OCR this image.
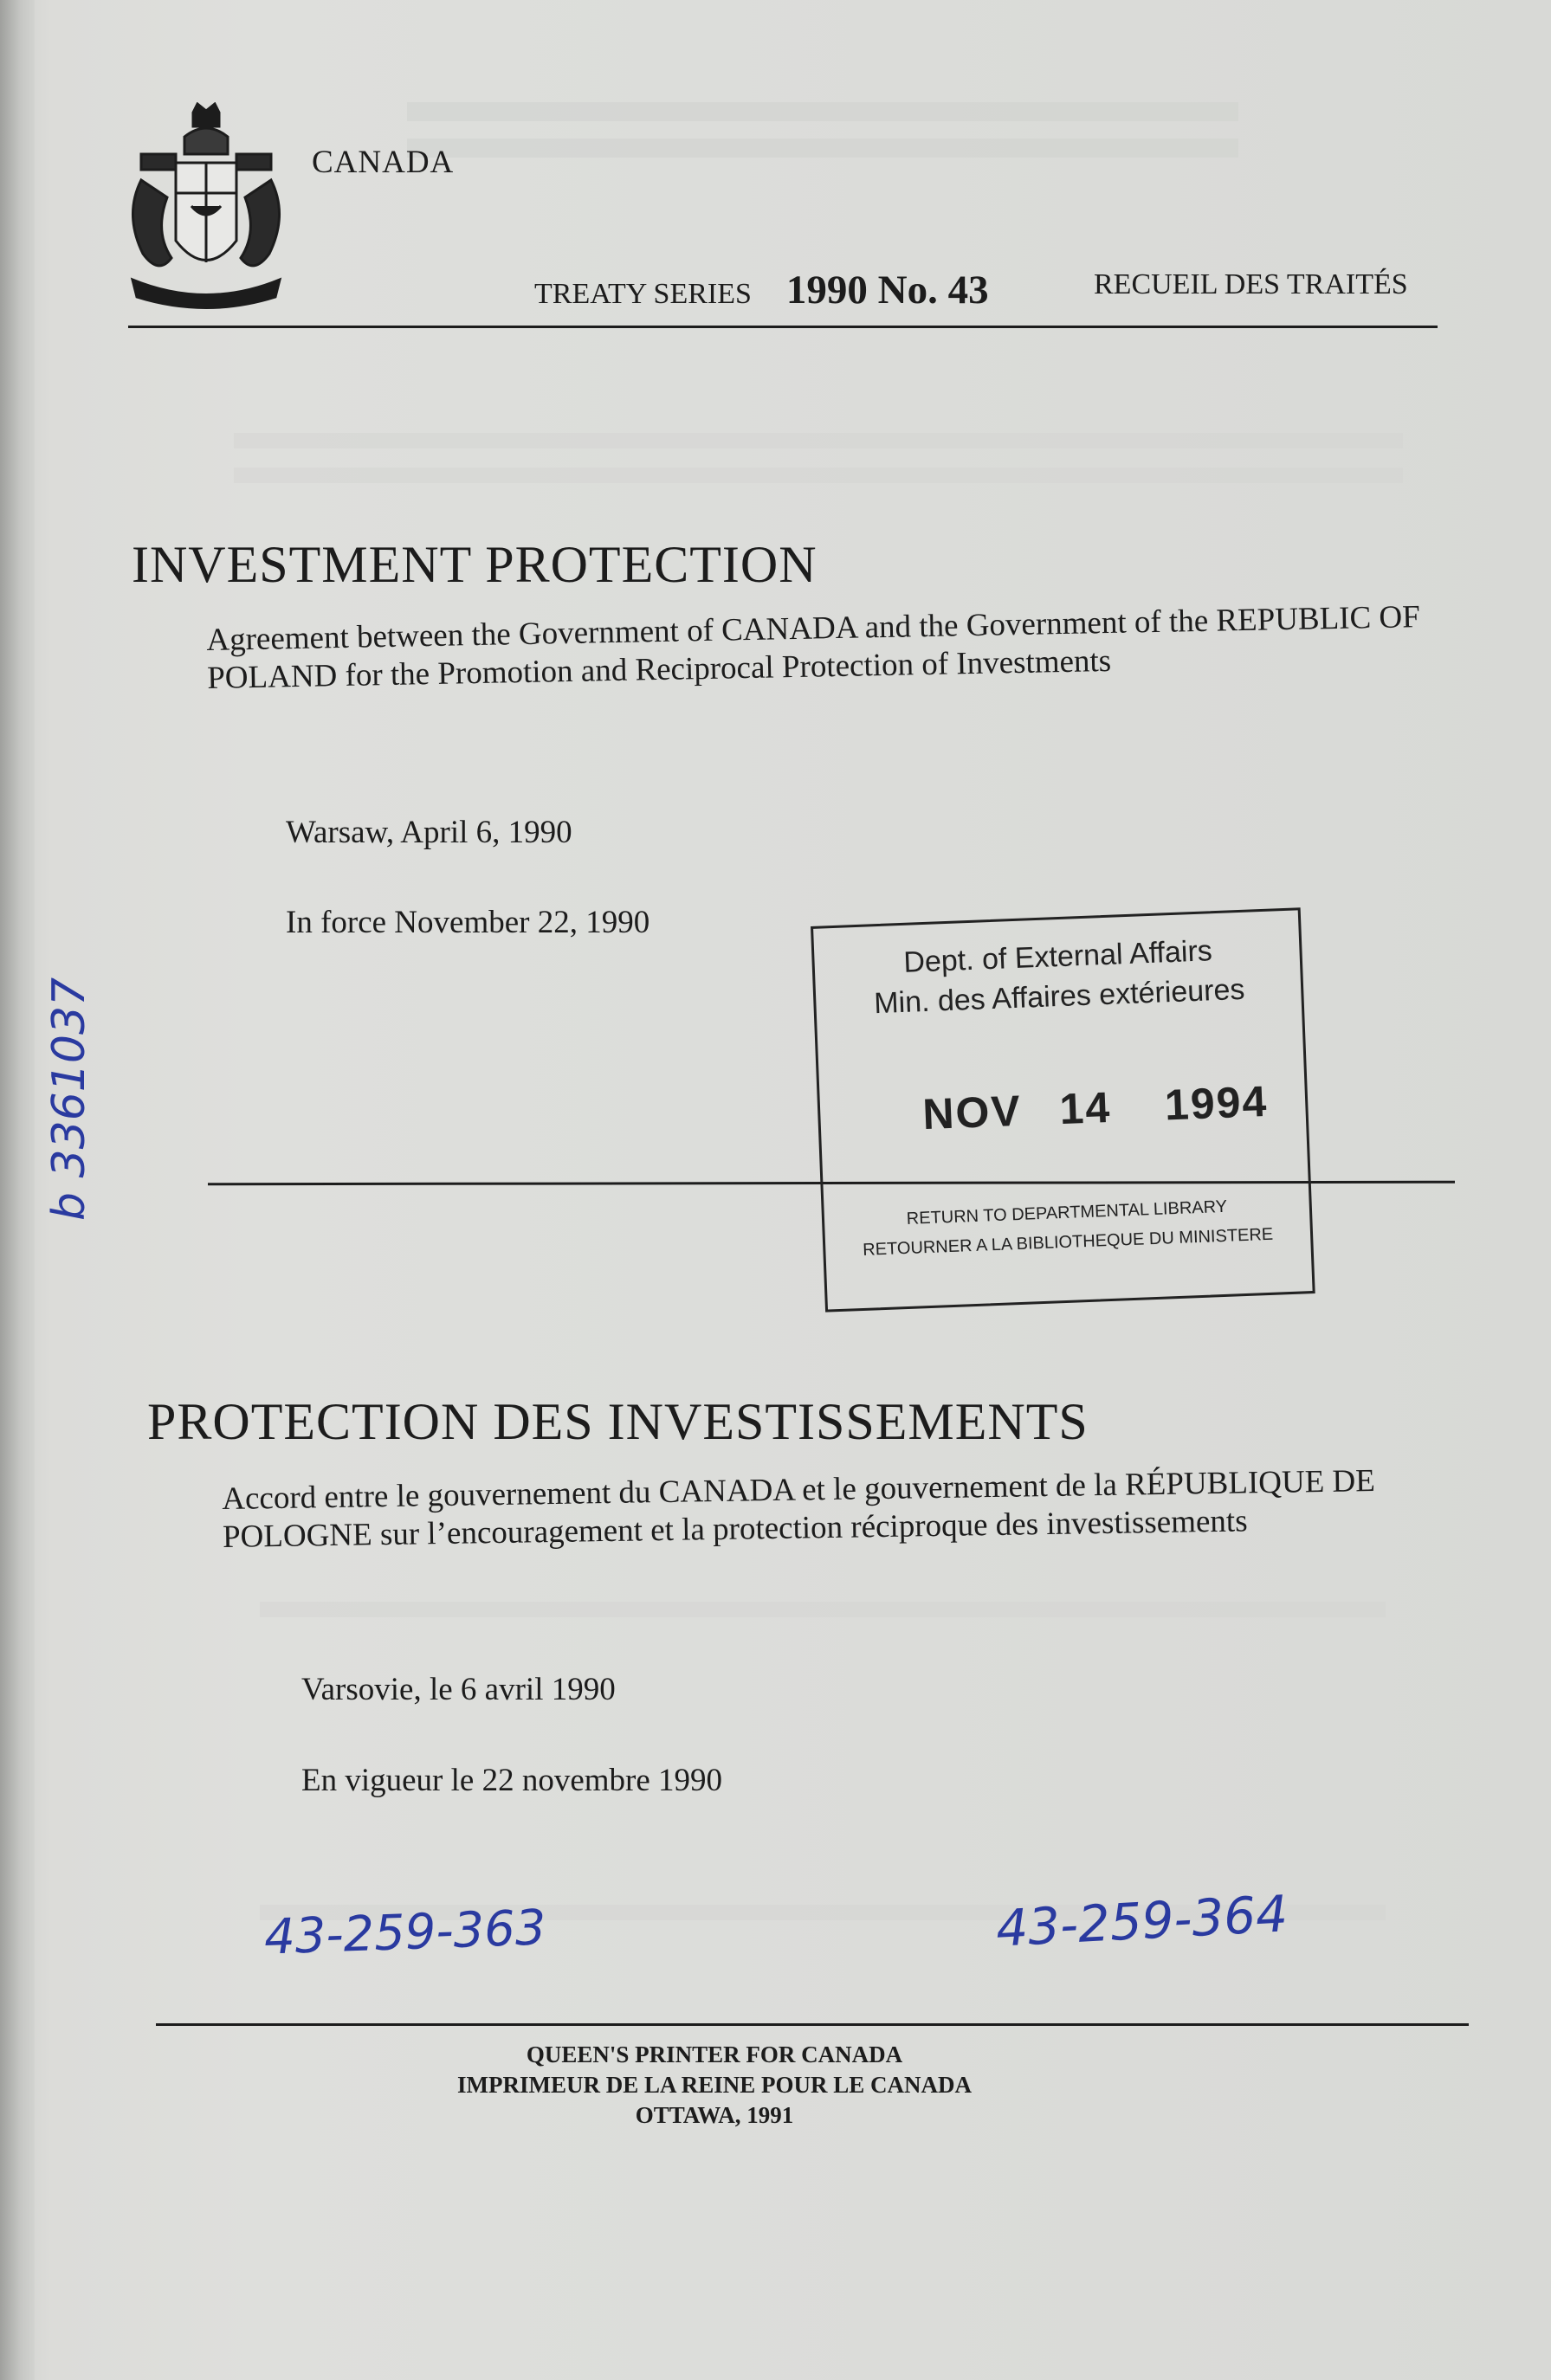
CANADA
TREATY SERIES 1990 No. 43	RECUEIL DES TRAITÉS
INVESTMENT PROTECTION
Agreement between the Government of CANADA and the Government of the REPUBLIC OF POLAND for the Promotion and Reciprocal Protection of Investments
Warsaw, April 6, 1990
In force November 22, 1990
Dept. of External Affairs
Min. des Affaires extérieures
NOV 14 1994
RETURN TO DEPARTMENTAL LIBRARY
RETOURNER A LA BIBLIOTHEQUE DU MINISTERE
PROTECTION DES INVESTISSEMENTS
Accord entre le gouvernement du CANADA et le gouvernement de la RÉPUBLIQUE DE POLOGNE sur l’encouragement et la protection réciproque des investissements
Varsovie, le 6 avril 1990
En vigueur le 22 novembre 1990
43-259-363	43-259-364
b 3361037
QUEEN'S PRINTER FOR CANADA
IMPRIMEUR DE LA REINE POUR LE CANADA
OTTAWA, 1991
